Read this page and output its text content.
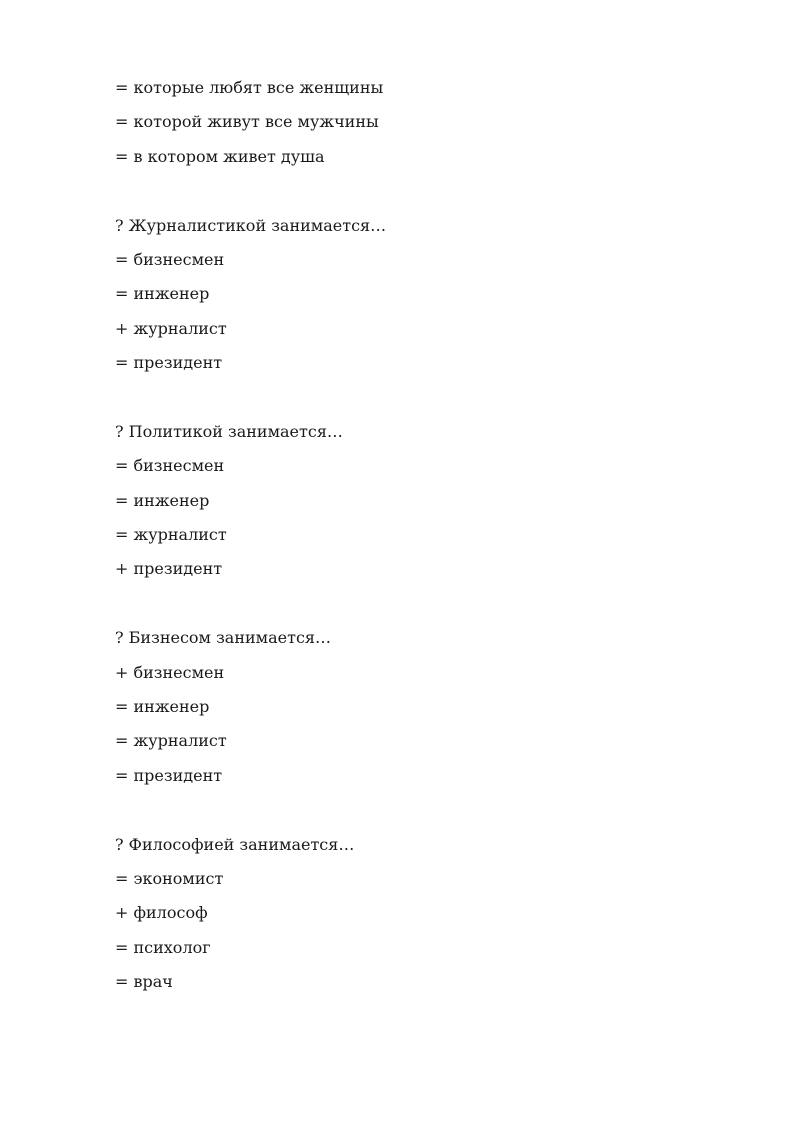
= которые любят все женщины
= которой живут все мужчины
= в котором живет душа
? Журналистикой занимается…
= бизнесмен
= инженер
+ журналист
= президент
? Политикой занимается…
= бизнесмен
= инженер
= журналист
+ президент
? Бизнесом занимается…
+ бизнесмен
= инженер
= журналист
= президент
? Философией занимается…
= экономист
+ философ
= психолог
= врач
